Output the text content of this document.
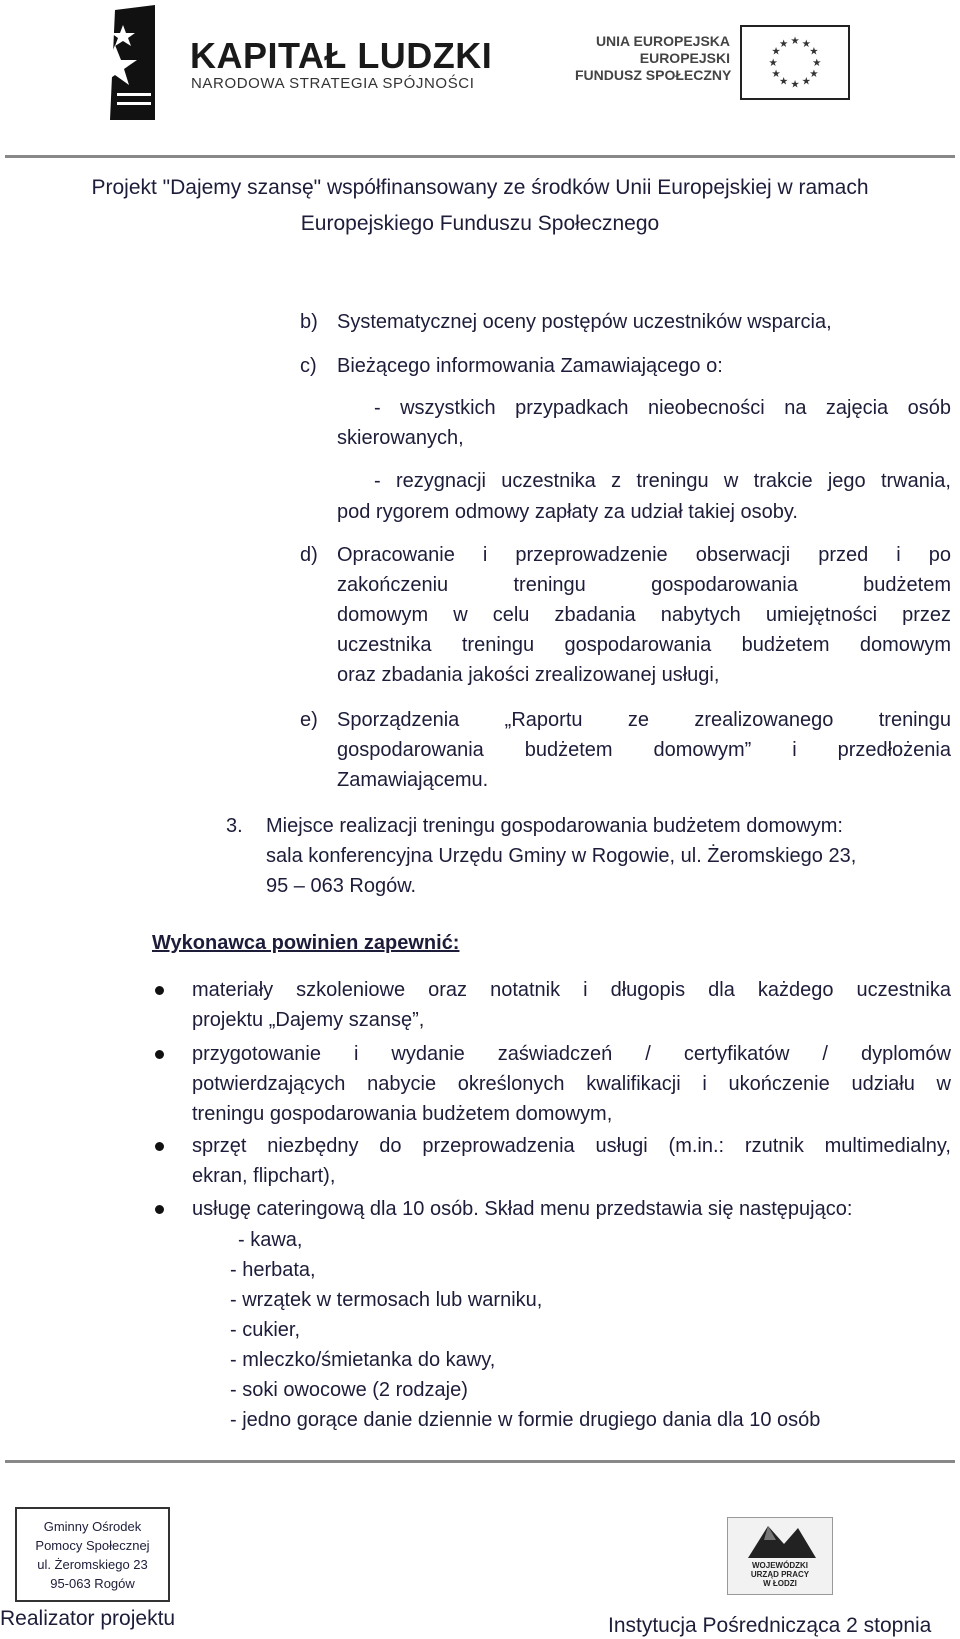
KAPITAŁ LUDZKI
NARODOWA STRATEGIA SPÓJNOŚCI
UNIA EUROPEJSKA
EUROPEJSKI
FUNDUSZ SPOŁECZNY
★ ★
★
★
★
★
★
★
★
★
★
★
Projekt "Dajemy szansę" współfinansowany ze środków Unii Europejskiej w ramach
Europejskiego Funduszu Społecznego
b) Systematycznej oceny postępów uczestników wsparcia,
c) Bieżącego informowania Zamawiającego o:
- wszystkich przypadkach nieobecności na zajęcia osób
skierowanych,
- rezygnacji uczestnika z treningu w trakcie jego trwania,
pod rygorem odmowy zapłaty za udział takiej osoby.
d) Opracowanie i przeprowadzenie obserwacji przed i po
zakończeniu treningu gospodarowania budżetem
domowym w celu zbadania nabytych umiejętności przez
uczestnika treningu gospodarowania budżetem domowym
oraz zbadania jakości zrealizowanej usługi,
e) Sporządzenia „Raportu ze zrealizowanego treningu
gospodarowania budżetem domowym” i przedłożenia
Zamawiającemu.
3. Miejsce realizacji treningu gospodarowania budżetem domowym:
sala konferencyjna Urzędu Gminy w Rogowie, ul. Żeromskiego 23,
95 – 063 Rogów.
Wykonawca powinien zapewnić:
materiały szkoleniowe oraz notatnik i długopis dla każdego uczestnika
projektu „Dajemy szansę”,
przygotowanie i wydanie zaświadczeń / certyfikatów / dyplomów
potwierdzających nabycie określonych kwalifikacji i ukończenie udziału w
treningu gospodarowania budżetem domowym,
sprzęt niezbędny do przeprowadzenia usługi (m.in.: rzutnik multimedialny,
ekran, flipchart),
usługę cateringową dla 10 osób. Skład menu przedstawia się następująco:
- kawa,
- herbata,
- wrzątek w termosach lub warniku,
- cukier,
- mleczko/śmietanka do kawy,
- soki owocowe (2 rodzaje)
- jedno gorące danie dziennie w formie drugiego dania dla 10 osób
Gminny Ośrodek
Pomocy Społecznej
ul. Żeromskiego 23
95-063 Rogów
Realizator projektu
WOJEWÓDZKI
URZĄD PRACY
W ŁODZI
Instytucja Pośrednicząca 2 stopnia
